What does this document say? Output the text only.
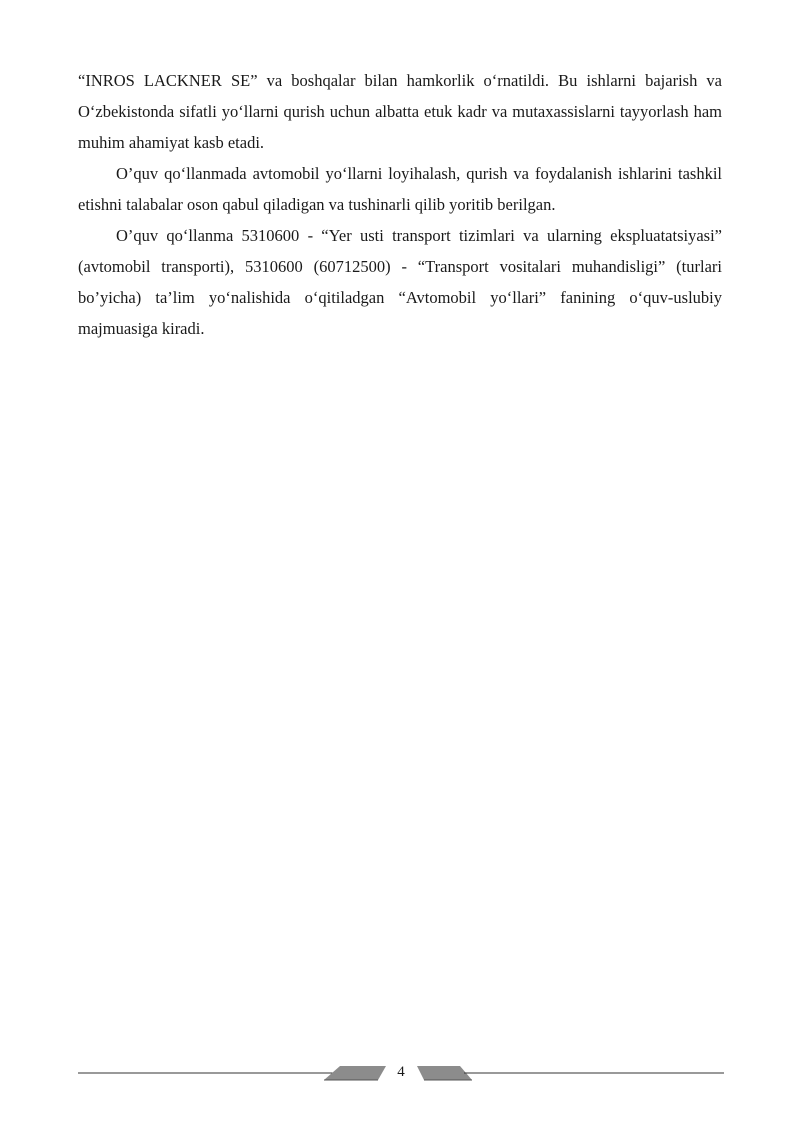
“INROS LACKNER SE” va boshqalar bilan hamkorlik o‘rnatildi. Bu ishlarni bajarish va O‘zbekistonda sifatli yo‘llarni qurish uchun albatta etuk kadr va mutaxassislarni tayyorlash ham muhim ahamiyat kasb etadi.

O’quv qo‘llanmada avtomobil yo‘llarni loyihalash, qurish va foydalanish ishlarini tashkil etishni talabalar oson qabul qiladigan va tushinarli qilib yoritib berilgan.

O’quv qo‘llanma 5310600 - “Yer usti transport tizimlari va ularning ekspluatatsiyasi” (avtomobil transporti), 5310600 (60712500) - “Transport vositalari muhandisligi” (turlari bo’yicha) ta’lim yo‘nalishida o‘qitiladgan “Avtomobil yo‘llari” fanining o‘quv-uslubiy majmuasiga kiradi.

4
